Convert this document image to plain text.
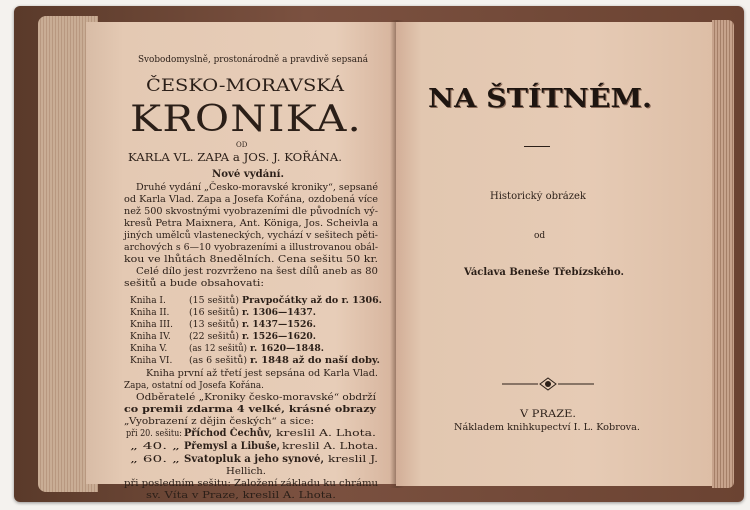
Svobodomyslně, prostonárodně a pravdivě sepsaná
ČESKO-MORAVSKÁ
KRONIKA.
OD
KARLA VL. ZAPA a JOS. J. KOŘÁNA.
Nové vydání.
Druhé vydání „Česko-moravské kroniky“, sepsané
od Karla Vlad. Zapa a Josefa Kořána, ozdobená více
než 500 skvostnými vyobrazeními dle původních vý-
kresů Petra Maixnera, Ant. Königa, Jos. Scheivla a
jiných umělců vlasteneckých, vychází v sešitech pěti-
archových s 6—10 vyobrazeními a illustrovanou obál-
kou ve lhůtách 8nedělních. Cena sešitu 50 kr.
Celé dílo jest rozvrženo na šest dílů aneb as 80
sešitů a bude obsahovati:
Kniha I.	(15 sešitů) Pravpočátky až do r. 1306.
Kniha II. (16 sešitů) r. 1306—1437.
Kniha III. (13 sešitů) r. 1437—1526.
Kniha IV. (22 sešitů) r. 1526—1620.
Kniha V. (as 12 sešitů) r. 1620—1848.
Kniha VI. (as 6 sešitů) r. 1848 až do naší doby.
Kniha první až třetí jest sepsána od Karla Vlad.
Zapa, ostatní od Josefa Kořána.
Odběratelé „Kroniky česko-moravské“ obdrží
co premii zdarma 4 velké, krásné obrazy
„Vyobrazení z dějin českých“ a sice:
při 20. sešitu: Příchod Čechův, kreslil A. Lhota.
„ 40. „ Přemysl a Libuše, kreslil A. Lhota.
„ 60. „ Svatopluk a jeho synové, kreslil J.
Hellich.
při posledním sešitu: Založení základu ku chrámu
sv. Víta v Praze, kreslil A. Lhota.
NA ŠTÍTNÉM.
Historický obrázek
od
Václava Beneše Třebízského.
V PRAZE.
Nákladem knihkupectví I. L. Kobrova.
